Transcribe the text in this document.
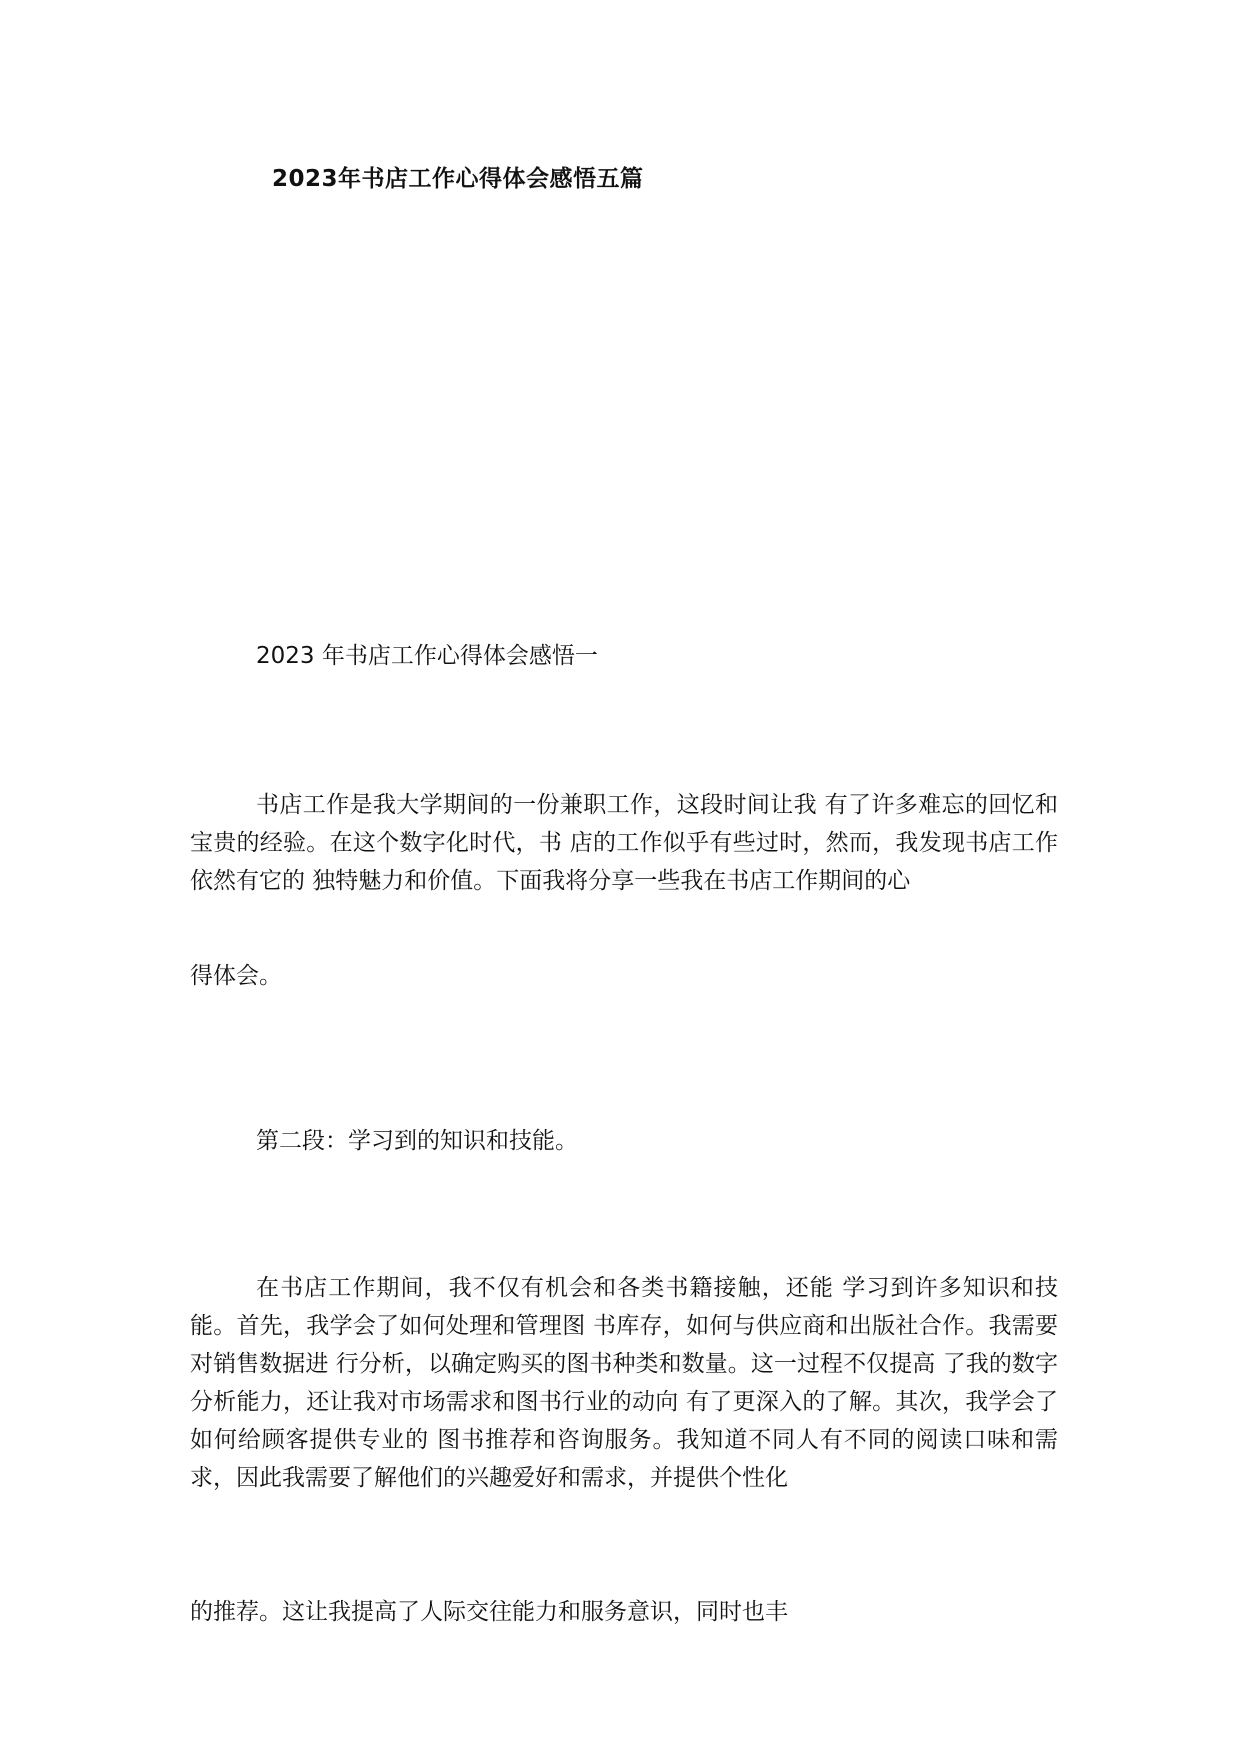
2023年书店工作心得体会感悟五篇
2023 年书店工作心得体会感悟一

书店工作是我大学期间的一份兼职工作，这段时间让我 有了许多难忘的回忆和宝贵的经验。在这个数字化时代，书 店的工作似乎有些过时，然而，我发现书店工作依然有它的 独特魅力和价值。下面我将分享一些我在书店工作期间的心

得体会。

第二段：学习到的知识和技能。

在书店工作期间，我不仅有机会和各类书籍接触，还能 学习到许多知识和技能。首先，我学会了如何处理和管理图 书库存，如何与供应商和出版社合作。我需要对销售数据进 行分析，以确定购买的图书种类和数量。这一过程不仅提高 了我的数字分析能力，还让我对市场需求和图书行业的动向 有了更深入的了解。其次，我学会了如何给顾客提供专业的 图书推荐和咨询服务。我知道不同人有不同的阅读口味和需 求，因此我需要了解他们的兴趣爱好和需求，并提供个性化

的推荐。这让我提高了人际交往能力和服务意识，同时也丰
